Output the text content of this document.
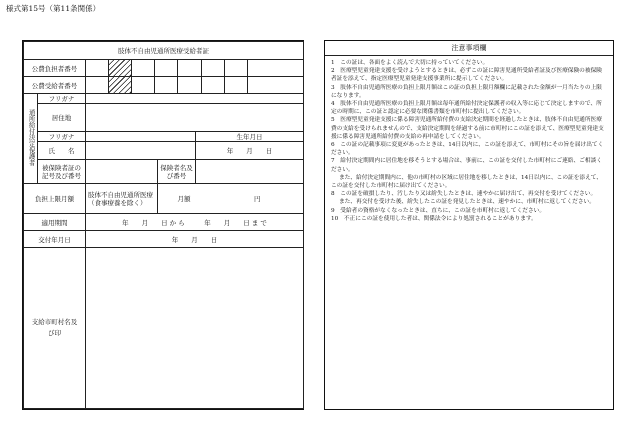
様式第15号（第11条関係）
肢体不自由児通所医療受給者証				
公費負担者番号				

公費受給者番号				

通所給付決定保護者	フリガナ			
	居住地			
	フリガナ			生年月日
	氏　　名			年　　月　　日
	被保険者証の記号及び番号		保険者名及び番号	

負担上限月額		肢体不自由児通所医療（食事療養を除く）	月額 円	
適用期間		年　　月　　日 か ら　　　年　　月　　日 ま で		
交付年月日		年　　月　　日		
支給市町村名及び印				
注意事項欄

1　この証は、各面をよく読んで大切に持っていてください。

2　医療型児童発達支援を受けようとするときは、必ずこの証に障害児通所受給者証及び医療保険の被保険者証を添えて、指定医療型児童発達支援事業所に提示してください。

3　肢体不自由児通所医療の負担上限月額はこの証の負担上限月額欄に記載された金額が一月当たりの上限になります。

4　肢体不自由児通所医療の負担上限月額は毎年通所給付決定保護者の収入等に応じて決定しますので、所定の時期に、この証と認定に必要な関係書類を市町村に提出してください。

5　医療型児童発達支援に係る障害児通所給付費の支給決定期間を経過したときは、肢体不自由児通所医療費の支給を受けられませんので、支給決定期間を経過する前に市町村にこの証を添えて、医療型児童発達支援に係る障害児通所給付費の支給の再申請をしてください。

6　この証の記載事項に変更があったときは、14日以内に、この証を添えて、市町村にその旨を届け出てください。

7　給付決定期間内に居住地を移そうとする場合は、事前に、この証を交付した市町村にご連絡、ご相談ください。

また、給付決定期間内に、他の市町村の区域に居住地を移したときは、14日以内に、この証を添えて、この証を交付した市町村に届け出てください。

8　この証を破損したり、汚したり又は紛失したときは、速やかに届け出て、再交付を受けてください。

また、再交付を受けた後、紛失したこの証を発見したときは、速やかに、市町村に返してください。

9　受給者の資格がなくなったときは、直ちに、この証を市町村に返してください。

10　不正にこの証を使用した者は、関係法令により処罰されることがあります。
